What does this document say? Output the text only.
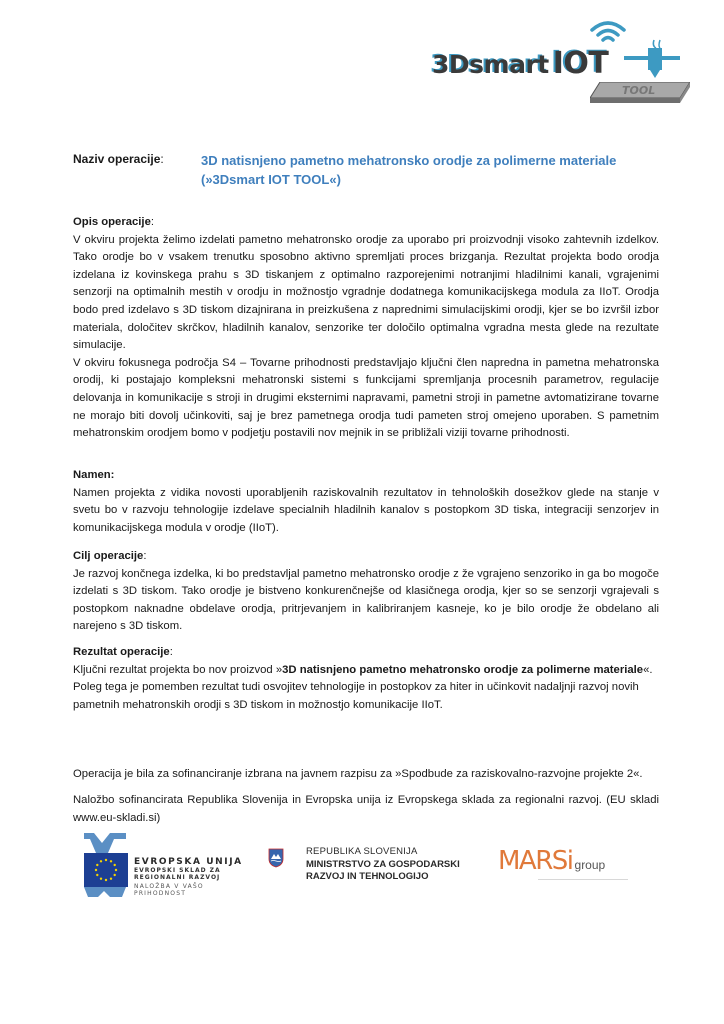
3Dsmart IOT
TOOL
Naziv operacije:	3D natisnjeno pametno mehatronsko orodje za polimerne materiale
(»3Dsmart IOT TOOL«)
Opis operacije:

V okviru projekta želimo izdelati pametno mehatronsko orodje za uporabo pri proizvodnji visoko zahtevnih izdelkov. Tako orodje bo v vsakem trenutku sposobno aktivno spremljati proces brizganja. Rezultat projekta bodo orodja izdelana iz kovinskega prahu s 3D tiskanjem z optimalno razporejenimi notranjimi hladilnimi kanali, vgrajenimi senzorji na optimalnih mestih v orodju in možnostjo vgradnje dodatnega komunikacijskega modula za IIoT. Orodja bodo pred izdelavo s 3D tiskom dizajnirana in preizkušena z naprednimi simulacijskimi orodji, kjer se bo izvršil izbor materiala, določitev skrčkov, hladilnih kanalov, senzorike ter določilo optimalna vgradna mesta glede na rezultate simulacije.

V okviru fokusnega področja S4 – Tovarne prihodnosti predstavljajo ključni člen napredna in pametna mehatronska orodij, ki postajajo kompleksni mehatronski sistemi s funkcijami spremljanja procesnih parametrov, regulacije delovanja in komunikacije s stroji in drugimi eksternimi napravami, pametni stroji in pametne avtomatizirane tovarne ne morajo biti dovolj učinkoviti, saj je brez pametnega orodja tudi pameten stroj omejeno uporaben. S pametnim mehatronskim orodjem bomo v podjetju postavili nov mejnik in se približali viziji tovarne prihodnosti.

Namen:

Namen projekta z vidika novosti uporabljenih raziskovalnih rezultatov in tehnoloških dosežkov glede na stanje v svetu bo v razvoju tehnologije izdelave specialnih hladilnih kanalov s postopkom 3D tiska, integraciji senzorjev in komunikacijskega modula v orodje (IIoT).

Cilj operacije:

Je razvoj končnega izdelka, ki bo predstavljal pametno mehatronsko orodje z že vgrajeno senzoriko in ga bo mogoče izdelati s 3D tiskom. Tako orodje je bistveno konkurenčnejše od klasičnega orodja, kjer so se senzorji vgrajevali s postopkom naknadne obdelave orodja, pritrjevanjem in kalibriranjem kasneje, ko je bilo orodje že obdelano ali narejeno s 3D tiskom.

Rezultat operacije:

Ključni rezultat projekta bo nov proizvod »3D natisnjeno pametno mehatronsko orodje za polimerne materiale«.

Poleg tega je pomemben rezultat tudi osvojitev tehnologije in postopkov za hiter in učinkovit nadaljnji razvoj novih pametnih mehatronskih orodji s 3D tiskom in možnostjo komunikacije IIoT.

Operacija je bila za sofinanciranje izbrana na javnem razpisu za »Spodbude za raziskovalno-razvojne projekte 2«.
Naložbo sofinancirata Republika Slovenija in Evropska unija iz Evropskega sklada za regionalni razvoj. (EU skladi www.eu-skladi.si)
EVROPSKA UNIJA
EVROPSKI SKLAD ZA
REGIONALNI RAZVOJ
NALOŽBA V VAŠO PRIHODNOST
REPUBLIKA SLOVENIJA
MINISTRSTVO ZA GOSPODARSKI
RAZVOJ IN TEHNOLOGIJO
MARSi group
